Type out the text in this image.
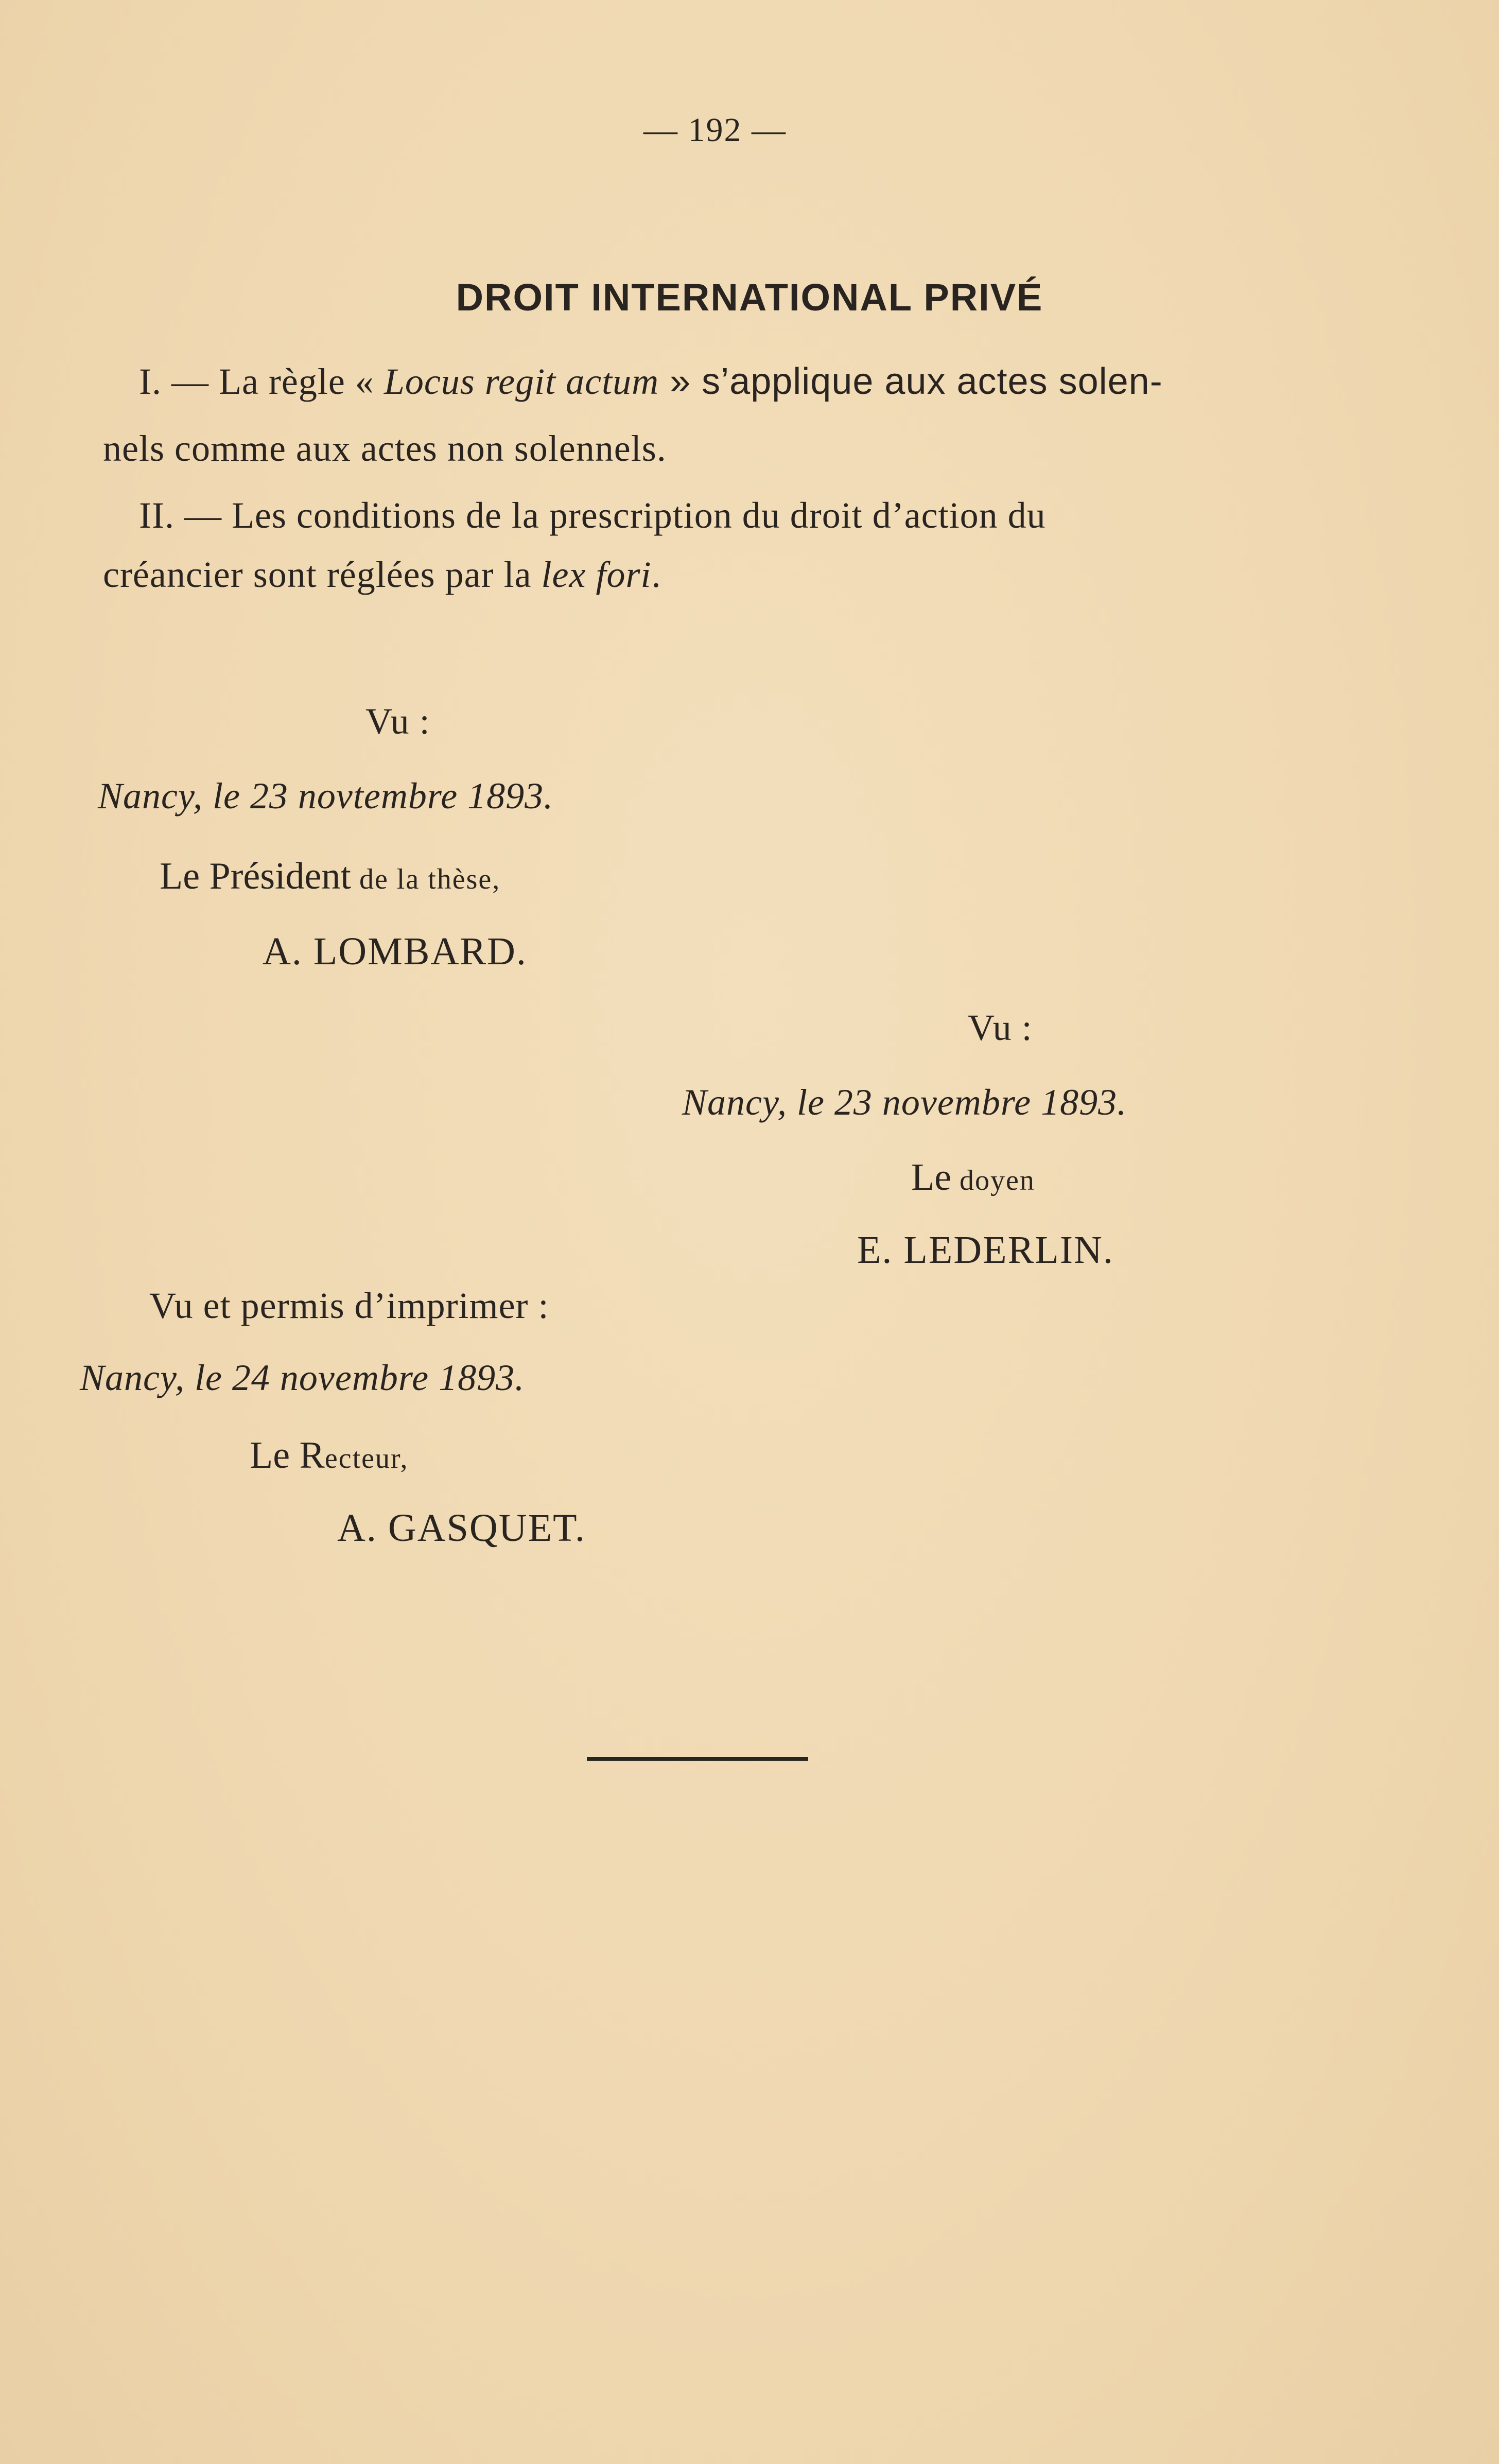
— 192 —
DROIT INTERNATIONAL PRIVÉ
I. — La règle « Locus regit actum » s’applique aux actes solen-
nels comme aux actes non solennels.
II. — Les conditions de la prescription du droit d’action du
créancier sont réglées par la lex fori.
Vu :
Nancy, le 23 novtembre 1893.
Le Président de la thèse,
A. LOMBARD.
Vu :
Nancy, le 23 novembre 1893.
Le doyen
E. LEDERLIN.
Vu et permis d’imprimer :
Nancy, le 24 novembre 1893.
Le Recteur,
A. GASQUET.
